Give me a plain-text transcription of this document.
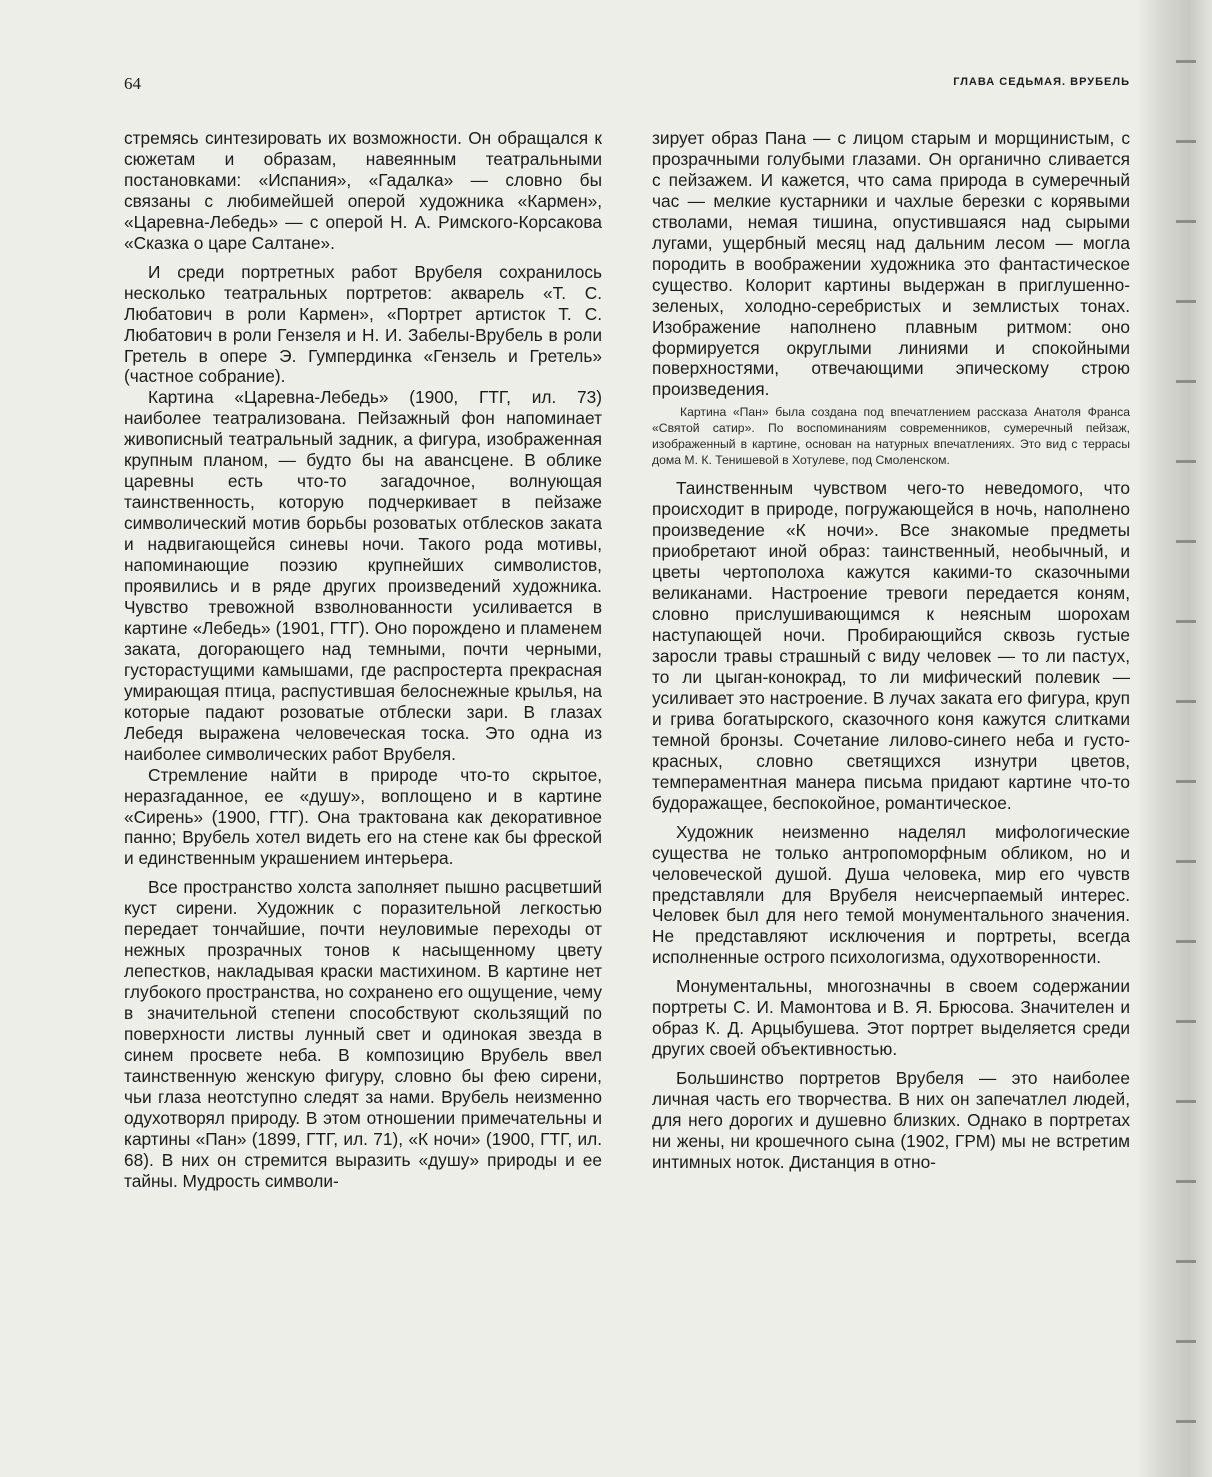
64	ГЛАВА СЕДЬМАЯ. ВРУБЕЛЬ

стремясь синтезировать их возможности. Он обращался к сюжетам и образам, навеянным театральными постановками: «Испания», «Гадалка» — словно бы связаны с любимейшей оперой художника «Кармен», «Царевна-Лебедь» — с оперой Н. А. Римского-Корсакова «Сказка о царе Салтане».

И среди портретных работ Врубеля сохранилось несколько театральных портретов: акварель «Т. С. Любатович в роли Кармен», «Портрет артисток Т. С. Любатович в роли Гензеля и Н. И. Забелы-Врубель в роли Гретель в опере Э. Гумпердинка «Гензель и Гретель» (частное собрание).

Картина «Царевна-Лебедь» (1900, ГТГ, ил. 73) наиболее театрализована. Пейзажный фон напоминает живописный театральный задник, а фигура, изображенная крупным планом, — будто бы на авансцене. В облике царевны есть что-то загадочное, волнующая таинственность, которую подчеркивает в пейзаже символический мотив борьбы розоватых отблесков заката и надвигающейся синевы ночи. Такого рода мотивы, напоминающие поэзию крупнейших символистов, проявились и в ряде других произведений художника. Чувство тревожной взволнованности усиливается в картине «Лебедь» (1901, ГТГ). Оно порождено и пламенем заката, догорающего над темными, почти черными, густорастущими камышами, где распростерта прекрасная умирающая птица, распустившая белоснежные крылья, на которые падают розоватые отблески зари. В глазах Лебедя выражена человеческая тоска. Это одна из наиболее символических работ Врубеля.

Стремление найти в природе что-то скрытое, неразгаданное, ее «душу», воплощено и в картине «Сирень» (1900, ГТГ). Она трактована как декоративное панно; Врубель хотел видеть его на стене как бы фреской и единственным украшением интерьера.

Все пространство холста заполняет пышно расцветший куст сирени. Художник с поразительной легкостью передает тончайшие, почти неуловимые переходы от нежных прозрачных тонов к насыщенному цвету лепестков, накладывая краски мастихином. В картине нет глубокого пространства, но сохранено его ощущение, чему в значительной степени способствуют скользящий по поверхности листвы лунный свет и одинокая звезда в синем просвете неба. В композицию Врубель ввел таинственную женскую фигуру, словно бы фею сирени, чьи глаза неотступно следят за нами. Врубель неизменно одухотворял природу. В этом отношении примечательны и картины «Пан» (1899, ГТГ, ил. 71), «К ночи» (1900, ГТГ, ил. 68). В них он стремится выразить «душу» природы и ее тайны. Мудрость символи-

зирует образ Пана — с лицом старым и морщинистым, с прозрачными голубыми глазами. Он органично сливается с пейзажем. И кажется, что сама природа в сумеречный час — мелкие кустарники и чахлые березки с корявыми стволами, немая тишина, опустившаяся над сырыми лугами, ущербный месяц над дальним лесом — могла породить в воображении художника это фантастическое существо. Колорит картины выдержан в приглушенно-зеленых, холодно-серебристых и землистых тонах. Изображение наполнено плавным ритмом: оно формируется округлыми линиями и спокойными поверхностями, отвечающими эпическому строю произведения.

Картина «Пан» была создана под впечатлением рассказа Анатоля Франса «Святой сатир». По воспоминаниям современников, сумеречный пейзаж, изображенный в картине, основан на натурных впечатлениях. Это вид с террасы дома М. К. Тенишевой в Хотулеве, под Смоленском.

Таинственным чувством чего-то неведомого, что происходит в природе, погружающейся в ночь, наполнено произведение «К ночи». Все знакомые предметы приобретают иной образ: таинственный, необычный, и цветы чертополоха кажутся какими-то сказочными великанами. Настроение тревоги передается коням, словно прислушивающимся к неясным шорохам наступающей ночи. Пробирающийся сквозь густые заросли травы страшный с виду человек — то ли пастух, то ли цыган-конокрад, то ли мифический полевик — усиливает это настроение. В лучах заката его фигура, круп и грива богатырского, сказочного коня кажутся слитками темной бронзы. Сочетание лилово-синего неба и густо-красных, словно светящихся изнутри цветов, темпераментная манера письма придают картине что-то будоражащее, беспокойное, романтическое.

Художник неизменно наделял мифологические существа не только антропоморфным обликом, но и человеческой душой. Душа человека, мир его чувств представляли для Врубеля неисчерпаемый интерес. Человек был для него темой монументального значения. Не представляют исключения и портреты, всегда исполненные острого психологизма, одухотворенности.

Монументальны, многозначны в своем содержании портреты С. И. Мамонтова и В. Я. Брюсова. Значителен и образ К. Д. Арцыбушева. Этот портрет выделяется среди других своей объективностью.

Большинство портретов Врубеля — это наиболее личная часть его творчества. В них он запечатлел людей, для него дорогих и душевно близких. Однако в портретах ни жены, ни крошечного сына (1902, ГРМ) мы не встретим интимных ноток. Дистанция в отно-
